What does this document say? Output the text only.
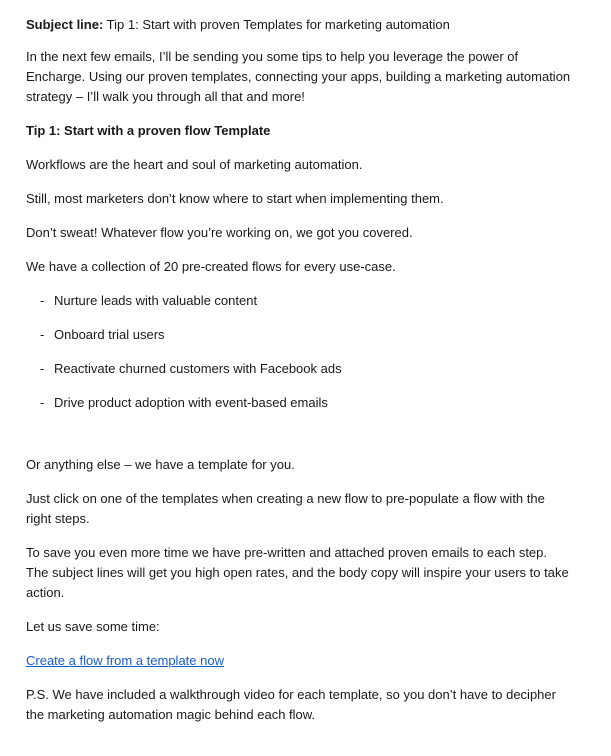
Subject line: Tip 1: Start with proven Templates for marketing automation

In the next few emails, I’ll be sending you some tips to help you leverage the power of Encharge. Using our proven templates, connecting your apps, building a marketing automation strategy – I’ll walk you through all that and more!

Tip 1: Start with a proven flow Template

Workflows are the heart and soul of marketing automation.

Still, most marketers don’t know where to start when implementing them.

Don’t sweat! Whatever flow you’re working on, we got you covered.

We have a collection of 20 pre-created flows for every use-case.

- Nurture leads with valuable content
- Onboard trial users
- Reactivate churned customers with Facebook ads
- Drive product adoption with event-based emails

Or anything else – we have a template for you.

Just click on one of the templates when creating a new flow to pre-populate a flow with the right steps.

To save you even more time we have pre-written and attached proven emails to each step. The subject lines will get you high open rates, and the body copy will inspire your users to take action.

Let us save some time:

Create a flow from a template now

P.S. We have included a walkthrough video for each template, so you don’t have to decipher the marketing automation magic behind each flow.
